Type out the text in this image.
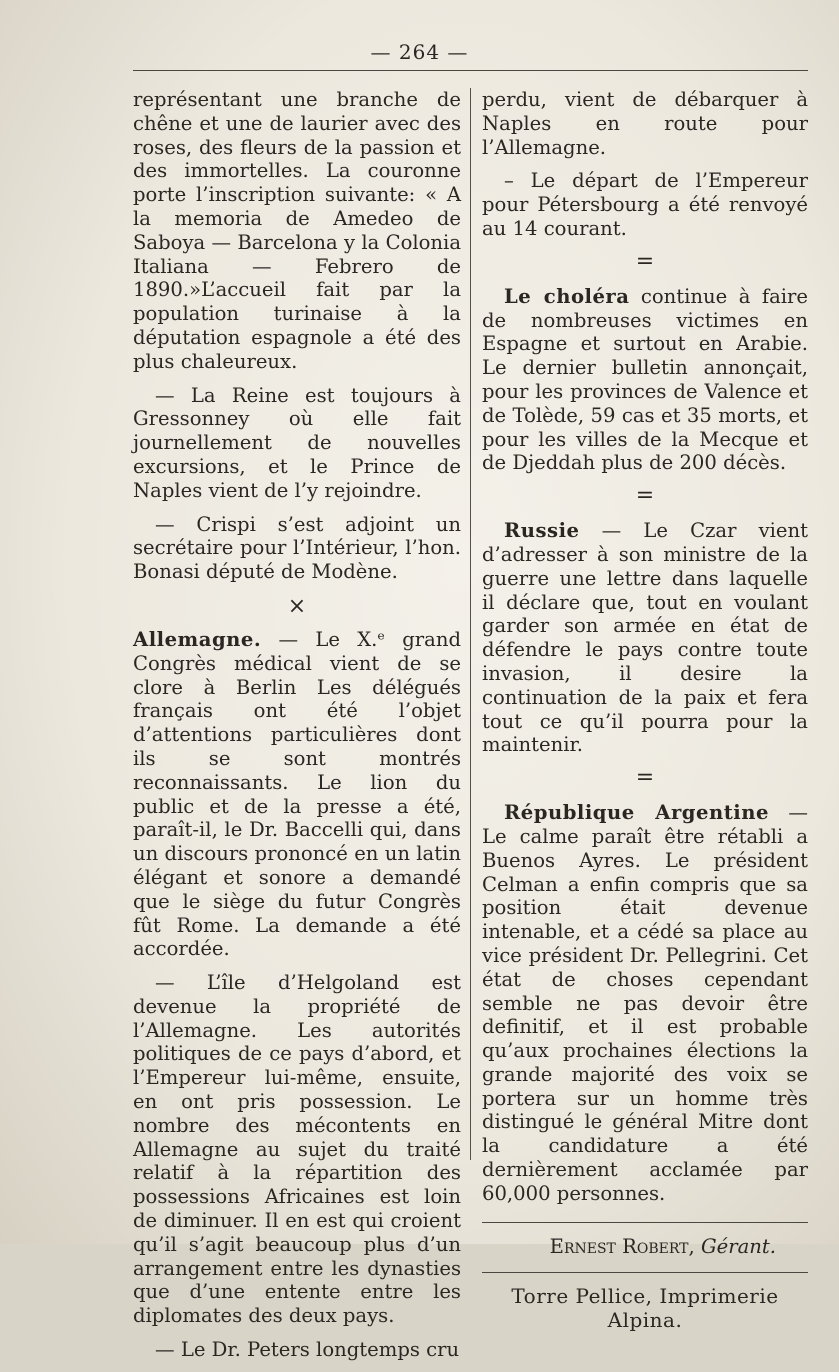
— 264 —

représentant une branche de chêne et une de laurier avec des roses, des fleurs de la passion et des immortelles. La couronne porte l’inscription suivante: « A la memoria de Amedeo de Saboya — Barcelona y la Colonia Italiana — Febrero de 1890.»L’accueil fait par la population turinaise à la députation espagnole a été des plus chaleureux.

— La Reine est toujours à Gressonney où elle fait journellement de nouvelles excursions, et le Prince de Naples vient de l’y rejoindre.

— Crispi s’est adjoint un secrétaire pour l’Intérieur, l’hon. Bonasi député de Modène.

×

Allemagne. — Le X.ᵉ grand Congrès médical vient de se clore à Berlin Les délégués français ont été l’objet d’attentions particulières dont ils se sont montrés reconnaissants. Le lion du public et de la presse a été, paraît-il, le Dr. Baccelli qui, dans un discours prononcé en un latin élégant et sonore a demandé que le siège du futur Congrès fût Rome. La demande a été accordée.

— L’île d’Helgoland est devenue la propriété de l’Allemagne. Les autorités politiques de ce pays d’abord, et l’Empereur lui-même, ensuite, en ont pris possession. Le nombre des mécontents en Allemagne au sujet du traité relatif à la répartition des possessions Africaines est loin de diminuer. Il en est qui croient qu’il s’agit beaucoup plus d’un arrangement entre les dynasties que d’une entente entre les diplomates des deux pays.

— Le Dr. Peters longtemps cru

perdu, vient de débarquer à Naples en route pour l’Allemagne.

– Le départ de l’Empereur pour Pétersbourg a été renvoyé au 14 courant.

=

Le choléra continue à faire de nombreuses victimes en Espagne et surtout en Arabie. Le dernier bulletin annonçait, pour les provinces de Valence et de Tolède, 59 cas et 35 morts, et pour les villes de la Mecque et de Djeddah plus de 200 décès.

=

Russie — Le Czar vient d’adresser à son ministre de la guerre une lettre dans laquelle il déclare que, tout en voulant garder son armée en état de défendre le pays contre toute invasion, il desire la continuation de la paix et fera tout ce qu’il pourra pour la maintenir.

=

République Argentine — Le calme paraît être rétabli a Buenos Ayres. Le président Celman a enfin compris que sa position était devenue intenable, et a cédé sa place au vice président Dr. Pellegrini. Cet état de choses cependant semble ne pas devoir être definitif, et il est probable qu’aux prochaines élections la grande majorité des voix se portera sur un homme très distingué le général Mitre dont la candidature a été dernièrement acclamée par 60,000 personnes.

Ernest Robert, Gérant.
Torre Pellice, Imprimerie Alpina.
